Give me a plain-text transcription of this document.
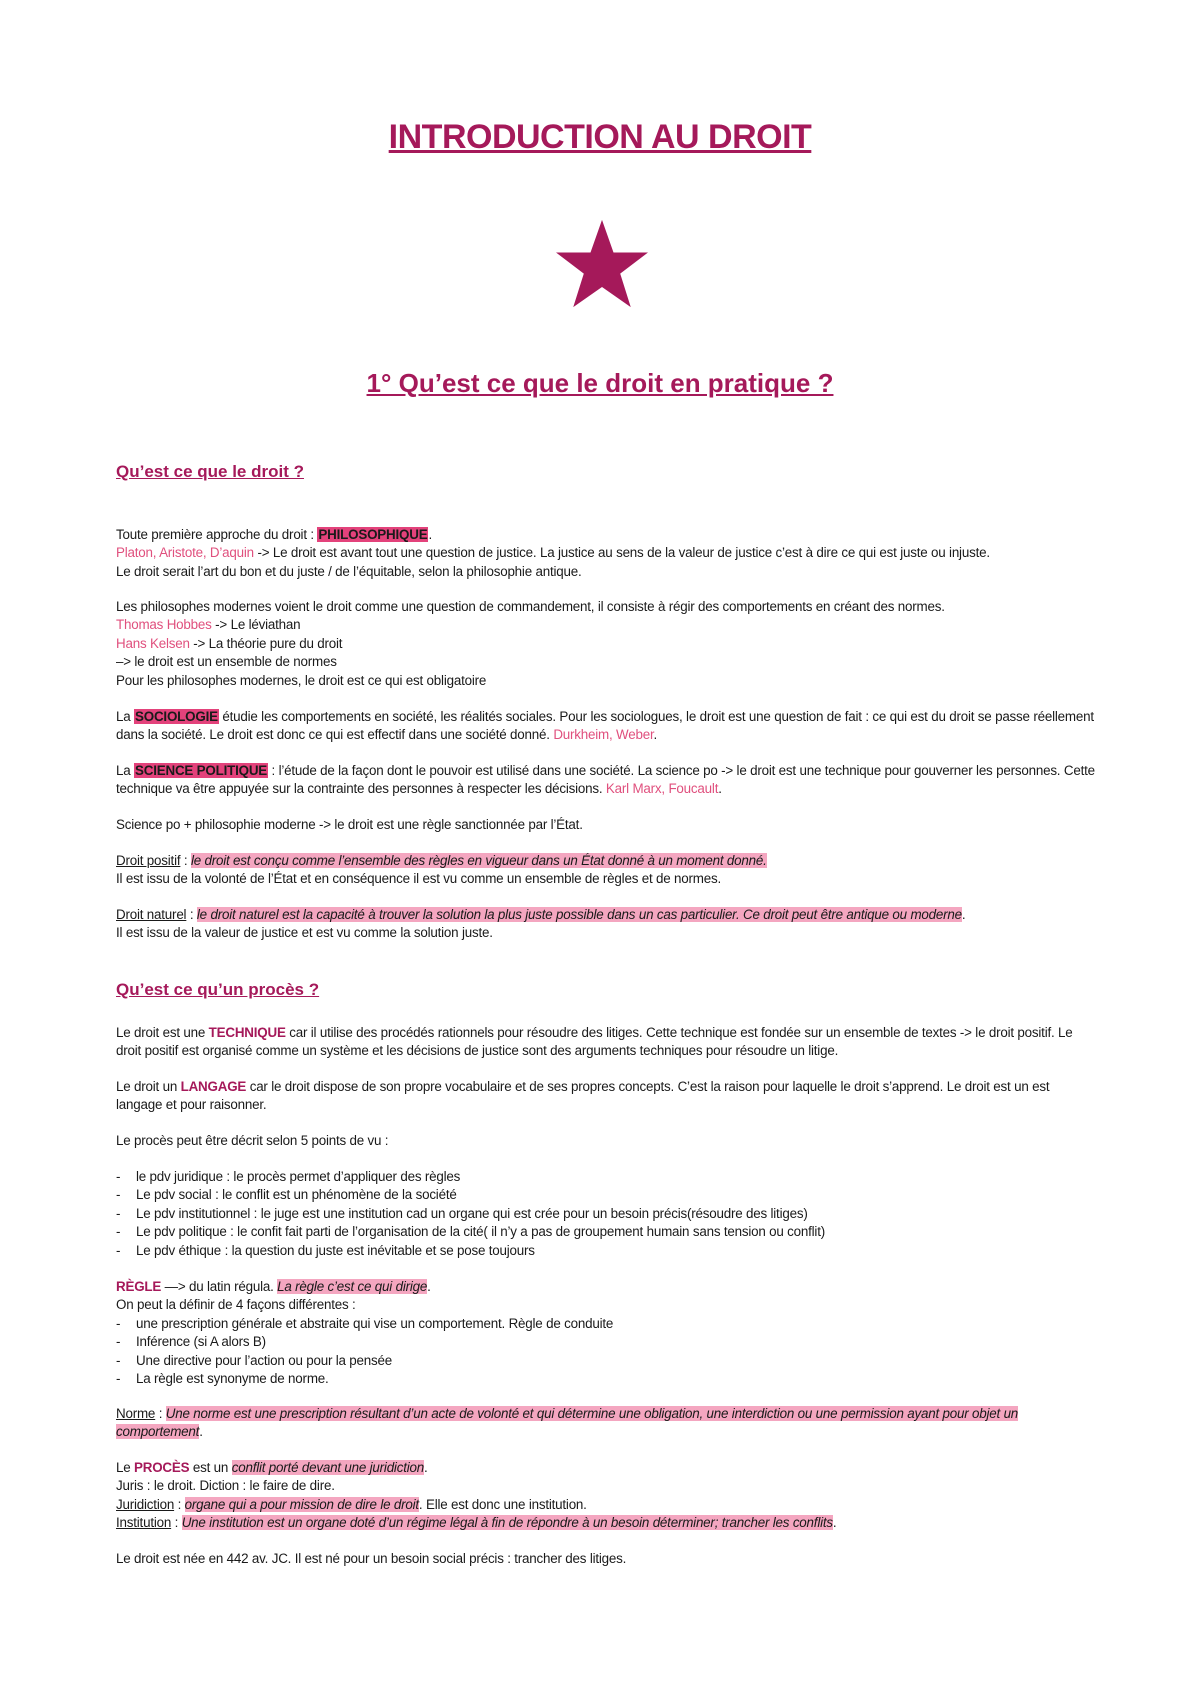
INTRODUCTION AU DROIT
1° Qu’est ce que le droit en pratique ?
Qu’est ce que le droit ?
Toute première approche du droit : PHILOSOPHIQUE.
Platon, Aristote, D’aquin -> Le droit est avant tout une question de justice. La justice au sens de la valeur de justice c’est à dire ce qui est juste ou injuste.
Le droit serait l’art du bon et du juste / de l’équitable, selon la philosophie antique.
Les philosophes modernes voient le droit comme une question de commandement, il consiste à régir des comportements en créant des normes.
Thomas Hobbes -> Le léviathan
Hans Kelsen -> La théorie pure du droit
–> le droit est un ensemble de normes
Pour les philosophes modernes, le droit est ce qui est obligatoire
La SOCIOLOGIE étudie les comportements en société, les réalités sociales. Pour les sociologues, le droit est une question de fait : ce qui est du droit se passe réellement dans la société. Le droit est donc ce qui est effectif dans une société donné. Durkheim, Weber.
La SCIENCE POLITIQUE : l’étude de la façon dont le pouvoir est utilisé dans une société. La science po -> le droit est une technique pour gouverner les personnes. Cette technique va être appuyée sur la contrainte des personnes à respecter les décisions. Karl Marx, Foucault.
Science po + philosophie moderne -> le droit est une règle sanctionnée par l’État.
Droit positif : le droit est conçu comme l’ensemble des règles en vigueur dans un État donné à un moment donné.
Il est issu de la volonté de l’État et en conséquence il est vu comme un ensemble de règles et de normes.
Droit naturel : le droit naturel est la capacité à trouver la solution la plus juste possible dans un cas particulier. Ce droit peut être antique ou moderne.
Il est issu de la valeur de justice et est vu comme la solution juste.
Qu’est ce qu’un procès ?
Le droit est une TECHNIQUE car il utilise des procédés rationnels pour résoudre des litiges. Cette technique est fondée sur un ensemble de textes -> le droit positif. Le droit positif est organisé comme un système et les décisions de justice sont des arguments techniques pour résoudre un litige.
Le droit un LANGAGE car le droit dispose de son propre vocabulaire et de ses propres concepts. C’est la raison pour laquelle le droit s’apprend. Le droit est un est langage et pour raisonner.
Le procès peut être décrit selon 5 points de vu :
- le pdv juridique : le procès permet d’appliquer des règles
- Le pdv social : le conflit est un phénomène de la société
- Le pdv institutionnel : le juge est une institution cad un organe qui est crée pour un besoin précis(résoudre des litiges)
- Le pdv politique : le confit fait parti de l’organisation de la cité( il n’y a pas de groupement humain sans tension ou conflit)
- Le pdv éthique : la question du juste est inévitable et se pose toujours
RÈGLE —> du latin régula. La règle c’est ce qui dirige.
On peut la définir de 4 façons différentes :
- une prescription générale et abstraite qui vise un comportement. Règle de conduite
- Inférence (si A alors B)
- Une directive pour l’action ou pour la pensée
- La règle est synonyme de norme.
Norme : Une norme est une prescription résultant d’un acte de volonté et qui détermine une obligation, une interdiction ou une permission ayant pour objet un comportement.
Le PROCÈS est un conflit porté devant une juridiction.
Juris : le droit. Diction : le faire de dire.
Juridiction : organe qui a pour mission de dire le droit. Elle est donc une institution.
Institution : Une institution est un organe doté d’un régime légal à fin de répondre à un besoin déterminer; trancher les conflits.
Le droit est née en 442 av. JC. Il est né pour un besoin social précis : trancher des litiges.
